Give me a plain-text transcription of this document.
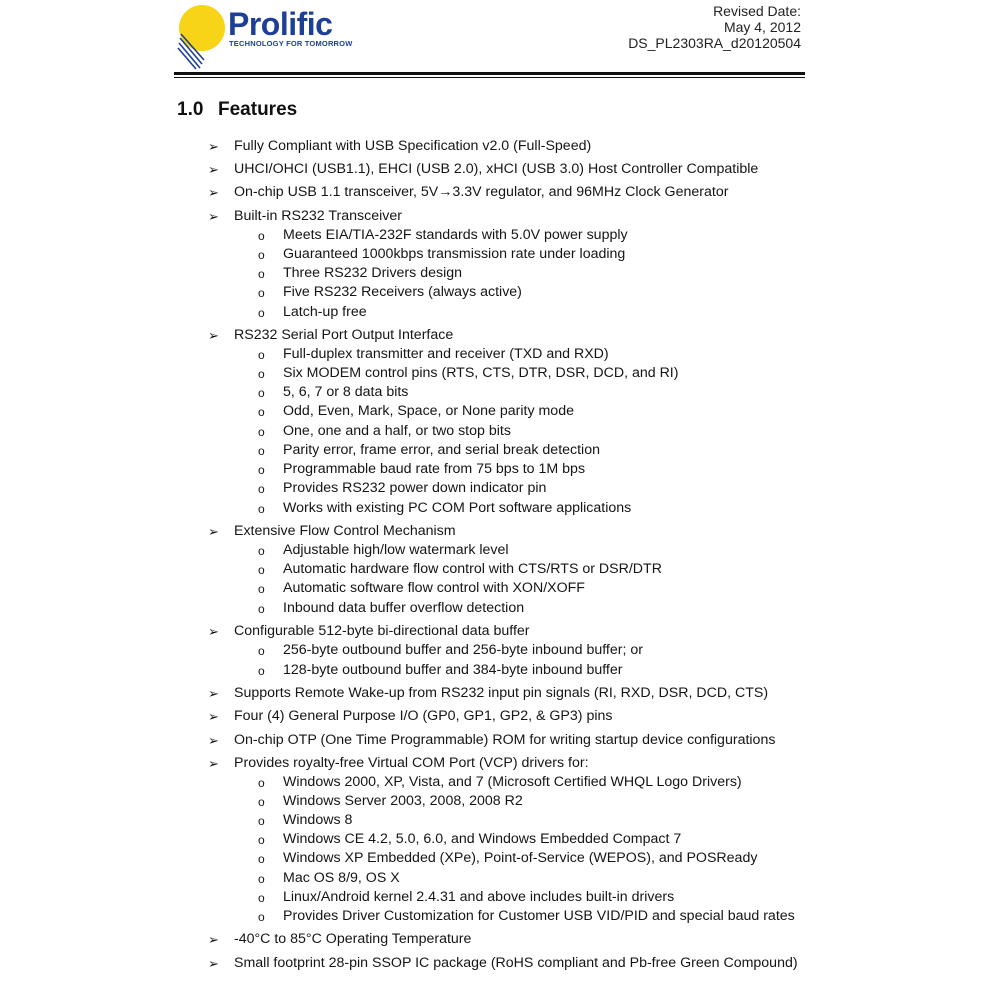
Prolific
TECHNOLOGY FOR TOMORROW
Revised Date:
May 4, 2012
DS_PL2303RA_d20120504
1.0 Features
➢ Fully Compliant with USB Specification v2.0 (Full-Speed)
➢ UHCI/OHCI (USB1.1), EHCI (USB 2.0), xHCI (USB 3.0) Host Controller Compatible
➢ On-chip USB 1.1 transceiver, 5V→3.3V regulator, and 96MHz Clock Generator
➢ Built-in RS232 Transceiver
o Meets EIA/TIA-232F standards with 5.0V power supply
o Guaranteed 1000kbps transmission rate under loading
o Three RS232 Drivers design
o Five RS232 Receivers (always active)
o Latch-up free
➢ RS232 Serial Port Output Interface
o Full-duplex transmitter and receiver (TXD and RXD)
o Six MODEM control pins (RTS, CTS, DTR, DSR, DCD, and RI)
o 5, 6, 7 or 8 data bits
o Odd, Even, Mark, Space, or None parity mode
o One, one and a half, or two stop bits
o Parity error, frame error, and serial break detection
o Programmable baud rate from 75 bps to 1M bps
o Provides RS232 power down indicator pin
o Works with existing PC COM Port software applications
➢ Extensive Flow Control Mechanism
o Adjustable high/low watermark level
o Automatic hardware flow control with CTS/RTS or DSR/DTR
o Automatic software flow control with XON/XOFF
o Inbound data buffer overflow detection
➢ Configurable 512-byte bi-directional data buffer
o 256-byte outbound buffer and 256-byte inbound buffer; or
o 128-byte outbound buffer and 384-byte inbound buffer
➢ Supports Remote Wake-up from RS232 input pin signals (RI, RXD, DSR, DCD, CTS)
➢ Four (4) General Purpose I/O (GP0, GP1, GP2, & GP3) pins
➢ On-chip OTP (One Time Programmable) ROM for writing startup device configurations
➢ Provides royalty-free Virtual COM Port (VCP) drivers for:
o Windows 2000, XP, Vista, and 7 (Microsoft Certified WHQL Logo Drivers)
o Windows Server 2003, 2008, 2008 R2
o Windows 8
o Windows CE 4.2, 5.0, 6.0, and Windows Embedded Compact 7
o Windows XP Embedded (XPe), Point-of-Service (WEPOS), and POSReady
o Mac OS 8/9, OS X
o Linux/Android kernel 2.4.31 and above includes built-in drivers
o Provides Driver Customization for Customer USB VID/PID and special baud rates
➢ -40°C to 85°C Operating Temperature
➢ Small footprint 28-pin SSOP IC package (RoHS compliant and Pb-free Green Compound)
